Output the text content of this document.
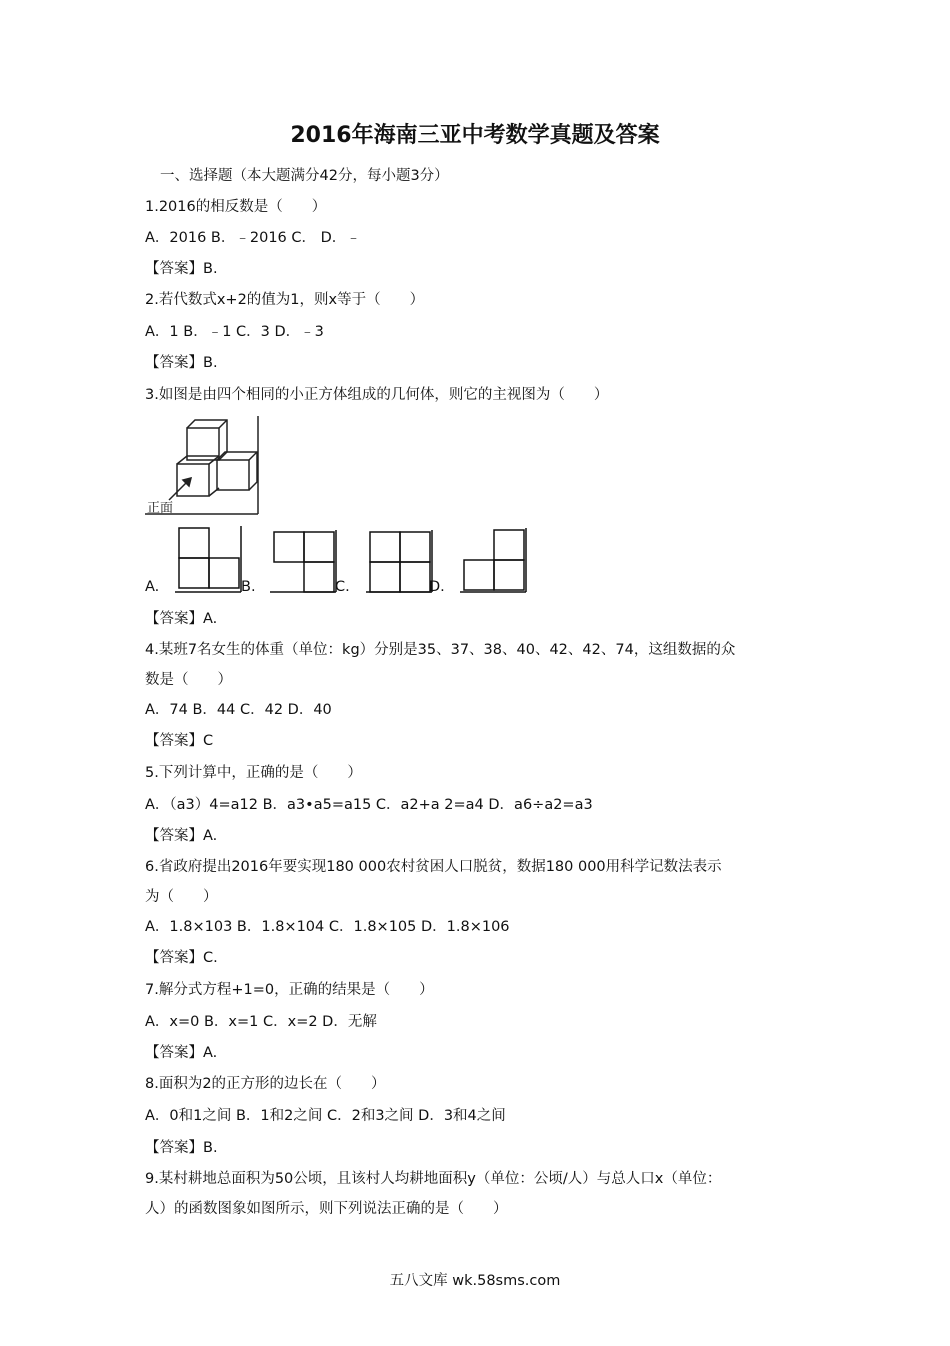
2016年海南三亚中考数学真题及答案
一、选择题（本大题满分42分，每小题3分）
1.2016的相反数是（　　）
A．2016 B．﹣2016 C． D．﹣
【答案】B.
2.若代数式x+2的值为1，则x等于（　　）
A．1 B．﹣1 C．3 D．﹣3
【答案】B.
3.如图是由四个相同的小正方体组成的几何体，则它的主视图为（　　）
正面
A.	B.	C.	D.
【答案】A.
4.某班7名女生的体重（单位：kg）分别是35、37、38、40、42、42、74，这组数据的众
数是（　　）
A．74 B．44 C．42 D．40
【答案】C
5.下列计算中，正确的是（　　）
A．（a3）4=a12 B．a3•a5=a15 C．a2+a 2=a4 D．a6÷a2=a3
【答案】A.
6.省政府提出2016年要实现180 000农村贫困人口脱贫，数据180 000用科学记数法表示
为（　　）
A．1.8×103 B．1.8×104 C．1.8×105 D．1.8×106
【答案】C.
7.解分式方程+1=0，正确的结果是（　　）
A．x=0 B．x=1 C．x=2 D．无解
【答案】A.
8.面积为2的正方形的边长在（　　）
A．0和1之间 B．1和2之间 C．2和3之间 D．3和4之间
【答案】B.
9.某村耕地总面积为50公顷，且该村人均耕地面积y（单位：公顷/人）与总人口x（单位：
人）的函数图象如图所示，则下列说法正确的是（　　）
五八文库 wk.58sms.com
